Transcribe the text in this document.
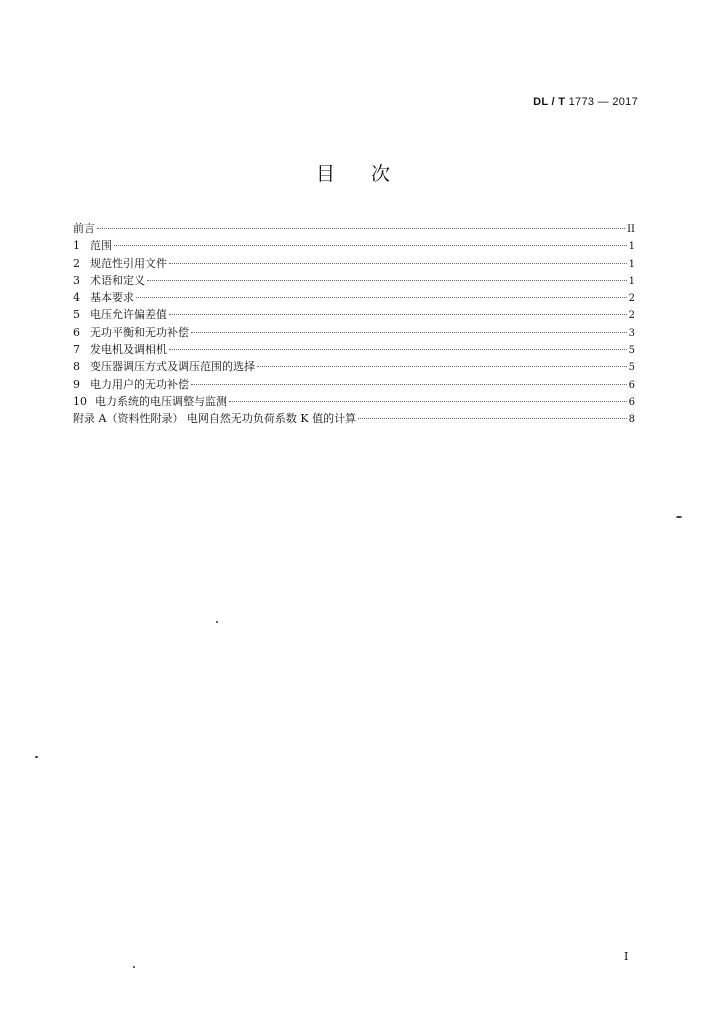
DL / T 1773 — 2017
目次
前言	II
1 范围	1
2 规范性引用文件	1
3 术语和定义	1
4 基本要求	2
5 电压允许偏差值	2
6 无功平衡和无功补偿	3
7 发电机及调相机	5
8 变压器调压方式及调压范围的选择	5
9 电力用户的无功补偿	6
10 电力系统的电压调整与监测	6
附录 A（资料性附录） 电网自然无功负荷系数 K 值的计算	8
I
